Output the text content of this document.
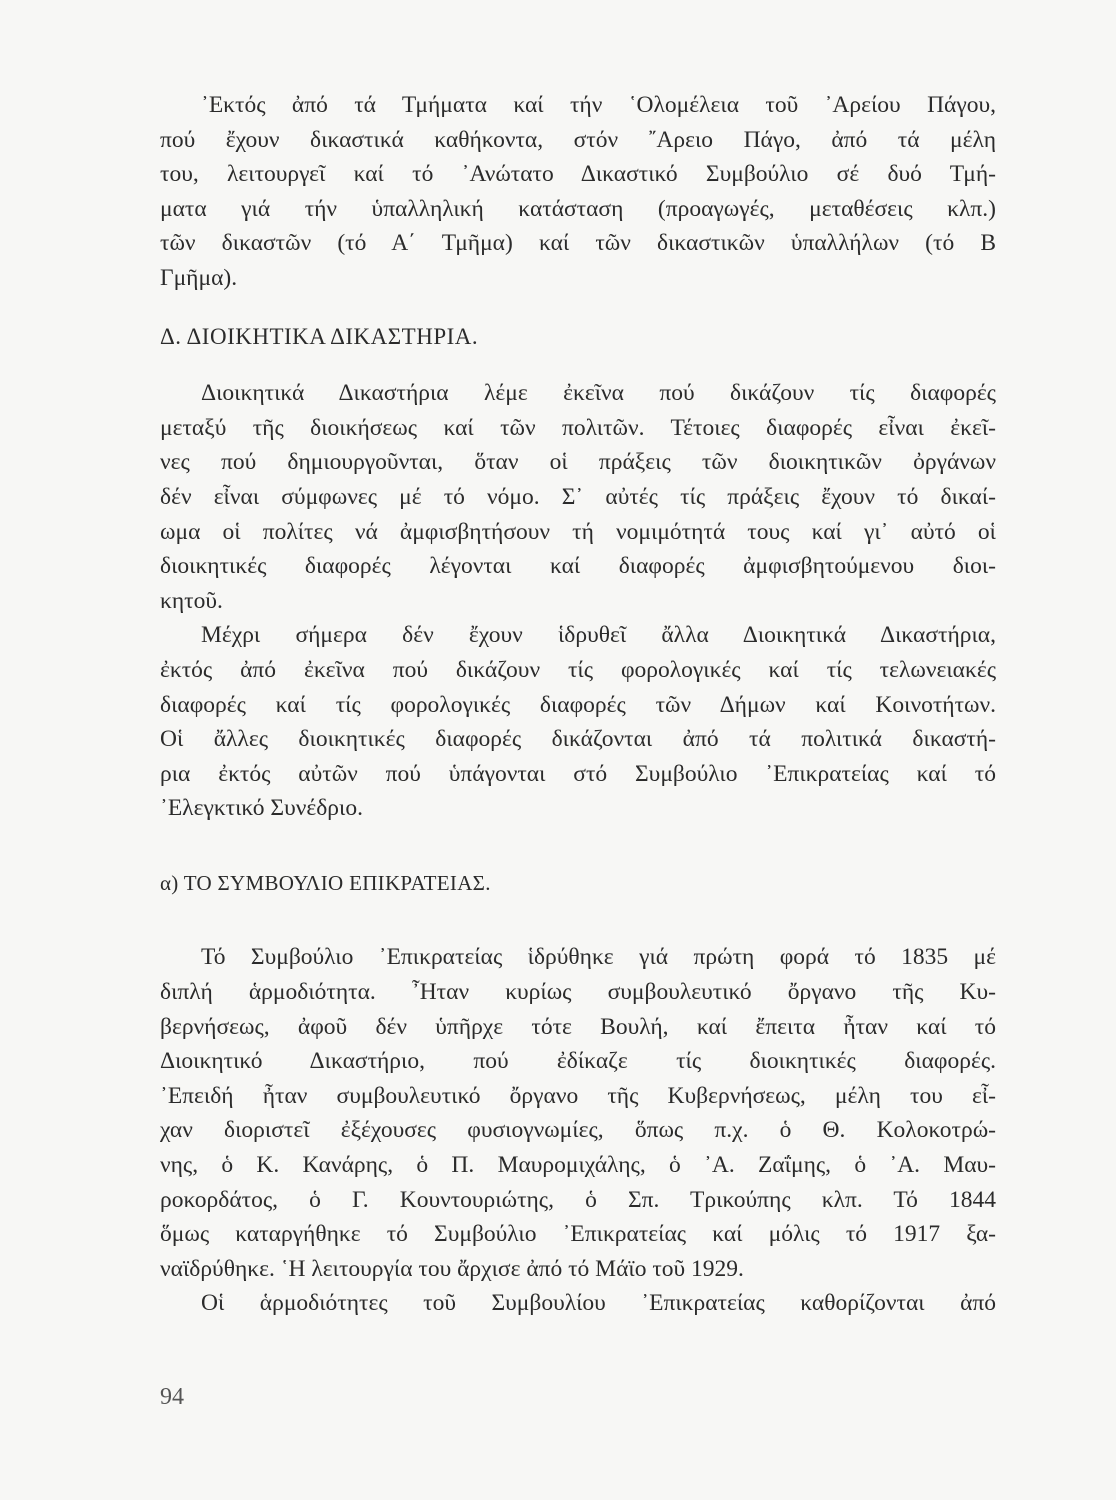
᾿Εκτός ἀπό τά Τμήματα καί τήν ῾Ολομέλεια τοῦ ᾿Αρείου Πάγου,
πού ἔχουν δικαστικά καθήκοντα, στόν ῎Αρειο Πάγο, ἀπό τά μέλη
του, λειτουργεῖ καί τό ᾿Ανώτατο Δικαστικό Συμβούλιο σέ δυό Τμή-
ματα γιά τήν ὑπαλληλική κατάσταση (προαγωγές, μεταθέσεις κλπ.)
τῶν δικαστῶν (τό Α΄ Τμῆμα) καί τῶν δικαστικῶν ὑπαλλήλων (τό Β
Γμῆμα).
Δ. ΔΙΟΙΚΗΤΙΚΑ ΔΙΚΑΣΤΗΡΙΑ.
Διοικητικά Δικαστήρια λέμε ἐκεῖνα πού δικάζουν τίς διαφορές
μεταξύ τῆς διοικήσεως καί τῶν πολιτῶν. Τέτοιες διαφορές εἶναι ἐκεῖ-
νες πού δημιουργοῦνται, ὅταν οἱ πράξεις τῶν διοικητικῶν ὀργάνων
δέν εἶναι σύμφωνες μέ τό νόμο. Σ᾿ αὐτές τίς πράξεις ἔχουν τό δικαί-
ωμα οἱ πολίτες νά ἀμφισβητήσουν τή νομιμότητά τους καί γι᾿ αὐτό οἱ
διοικητικές διαφορές λέγονται καί διαφορές ἀμφισβητούμενου διοι-
κητοῦ.
Μέχρι σήμερα δέν ἔχουν ἱδρυθεῖ ἄλλα Διοικητικά Δικαστήρια,
ἐκτός ἀπό ἐκεῖνα πού δικάζουν τίς φορολογικές καί τίς τελωνειακές
διαφορές καί τίς φορολογικές διαφορές τῶν Δήμων καί Κοινοτήτων.
Οἱ ἄλλες διοικητικές διαφορές δικάζονται ἀπό τά πολιτικά δικαστή-
ρια ἐκτός αὐτῶν πού ὑπάγονται στό Συμβούλιο ᾿Επικρατείας καί τό
᾿Ελεγκτικό Συνέδριο.
α) ΤΟ ΣΥΜΒΟΥΛΙΟ ΕΠΙΚΡΑΤΕΙΑΣ.
Τό Συμβούλιο ᾿Επικρατείας ἱδρύθηκε γιά πρώτη φορά τό 1835 μέ
διπλή ἁρμοδιότητα. ῏Ηταν κυρίως συμβουλευτικό ὄργανο τῆς Κυ-
βερνήσεως, ἀφοῦ δέν ὑπῆρχε τότε Βουλή, καί ἔπειτα ἦταν καί τό
Διοικητικό Δικαστήριο, πού ἐδίκαζε τίς διοικητικές διαφορές.
᾿Επειδή ἦταν συμβουλευτικό ὄργανο τῆς Κυβερνήσεως, μέλη του εἶ-
χαν διοριστεῖ ἐξέχουσες φυσιογνωμίες, ὅπως π.χ. ὁ Θ. Κολοκοτρώ-
νης, ὁ Κ. Κανάρης, ὁ Π. Μαυρομιχάλης, ὁ ᾿Α. Ζαΐμης, ὁ ᾿Α. Μαυ-
ροκορδάτος, ὁ Γ. Κουντουριώτης, ὁ Σπ. Τρικούπης κλπ. Τό 1844
ὅμως καταργήθηκε τό Συμβούλιο ᾿Επικρατείας καί μόλις τό 1917 ξα-
ναϊδρύθηκε. ῾Η λειτουργία του ἄρχισε ἀπό τό Μάϊο τοῦ 1929.
Οἱ ἁρμοδιότητες τοῦ Συμβουλίου ᾿Επικρατείας καθορίζονται ἀπό
94
